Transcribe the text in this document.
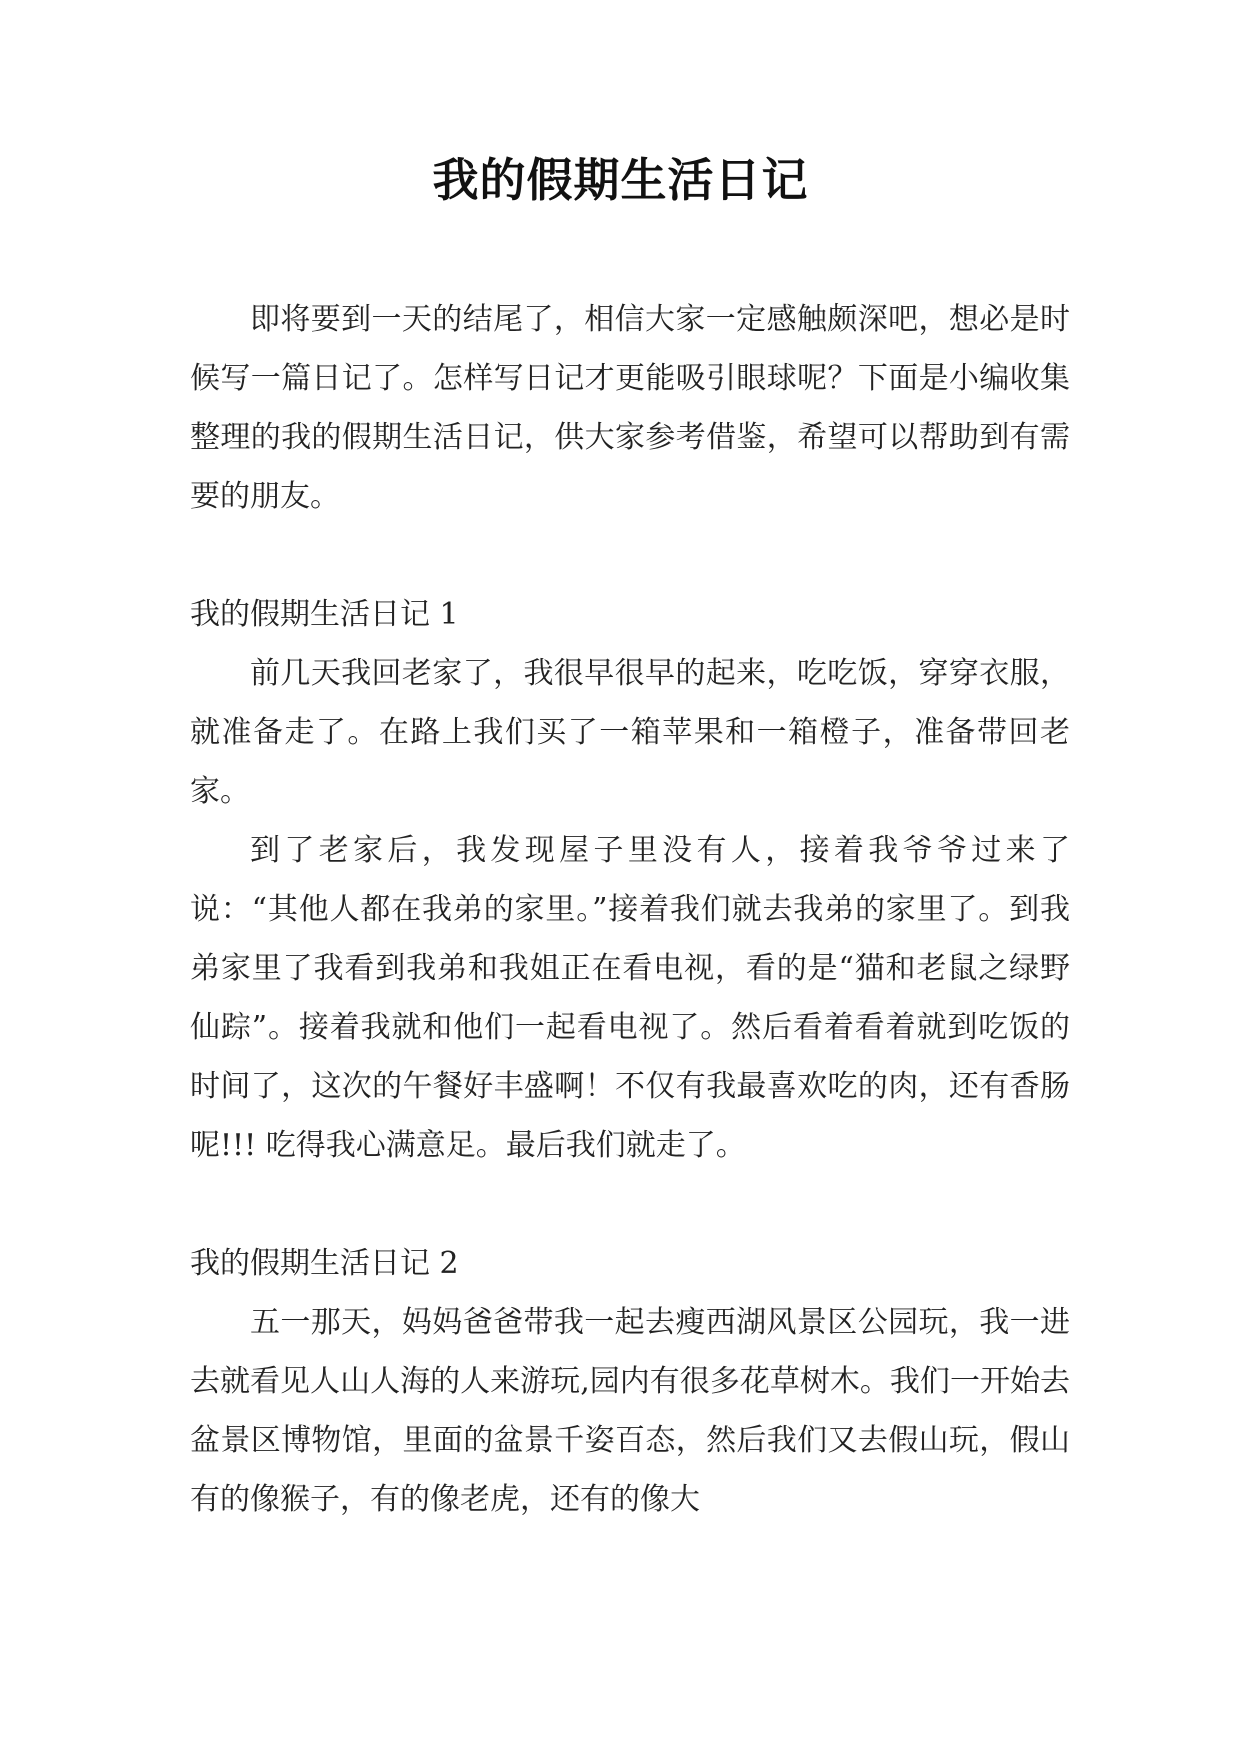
我的假期生活日记

即将要到一天的结尾了，相信大家一定感触颇深吧，想必是时候写一篇日记了。怎样写日记才更能吸引眼球呢？下面是小编收集整理的我的假期生活日记，供大家参考借鉴，希望可以帮助到有需要的朋友。

我的假期生活日记 1

前几天我回老家了，我很早很早的起来，吃吃饭，穿穿衣服，就准备走了。在路上我们买了一箱苹果和一箱橙子，准备带回老家。

到了老家后，我发现屋子里没有人，接着我爷爷过来了说：“其他人都在我弟的家里。”接着我们就去我弟的家里了。到我弟家里了我看到我弟和我姐正在看电视，看的是“猫和老鼠之绿野仙踪”。接着我就和他们一起看电视了。然后看着看着就到吃饭的时间了，这次的午餐好丰盛啊！不仅有我最喜欢吃的肉，还有香肠呢!!! 吃得我心满意足。最后我们就走了。

我的假期生活日记 2

五一那天，妈妈爸爸带我一起去瘦西湖风景区公园玩，我一进去就看见人山人海的人来游玩,园内有很多花草树木。我们一开始去盆景区博物馆，里面的盆景千姿百态，然后我们又去假山玩，假山有的像猴子，有的像老虎，还有的像大
